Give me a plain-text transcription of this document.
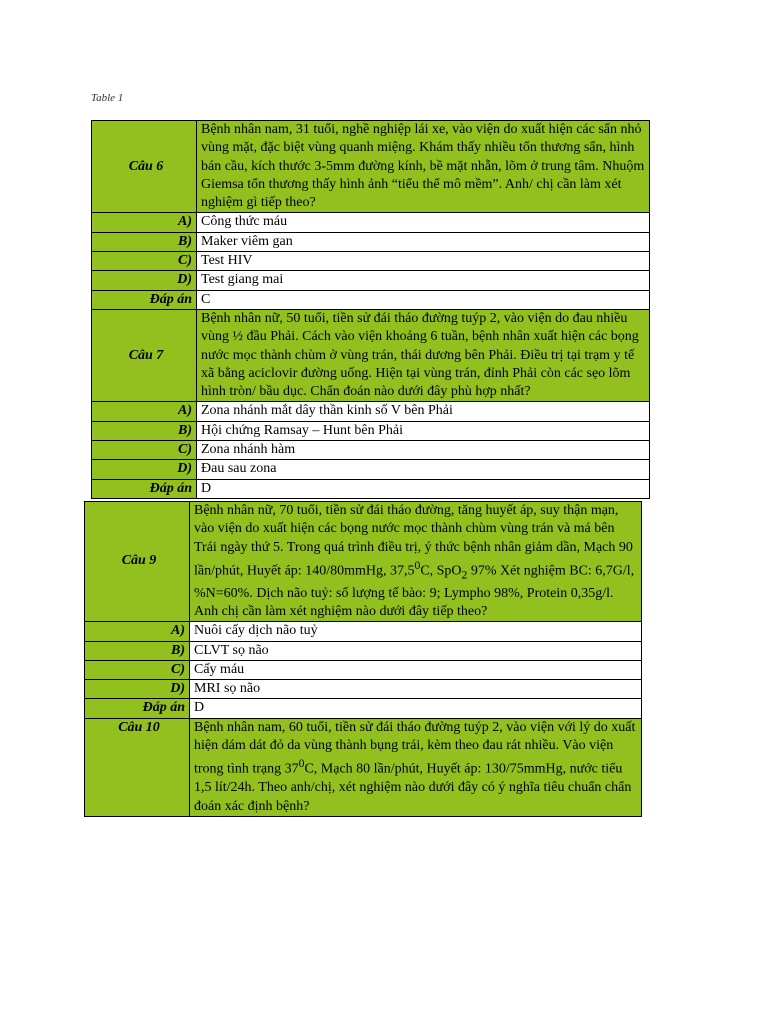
Table 1
Câu 6	Bệnh nhân nam, 31 tuổi, nghề nghiệp lái xe, vào viện do xuất hiện các sẩn nhỏ vùng mặt, đặc biệt vùng quanh miệng. Khám thấy nhiều tổn thương sẩn, hình bán cầu, kích thước 3-5mm đường kính, bề mặt nhẵn, lõm ở trung tâm. Nhuộm Giemsa tổn thương thấy hình ảnh “tiểu thể mô mềm”. Anh/ chị cần làm xét nghiệm gì tiếp theo?
A)	Công thức máu
B)	Maker viêm gan
C)	Test HIV
D)	Test giang mai
Đáp án	C
Câu 7	Bệnh nhân nữ, 50 tuổi, tiền sử đái tháo đường tuýp 2, vào viện do đau nhiều vùng ½ đầu Phải. Cách vào viện khoảng 6 tuần, bệnh nhân xuất hiện các bọng nước mọc thành chùm ở vùng trán, thái dương bên Phải. Điều trị tại trạm y tế xã bằng aciclovir đường uống. Hiện tại vùng trán, đỉnh Phải còn các sẹo lõm hình tròn/ bầu dục. Chẩn đoán nào dưới đây phù hợp nhất?
A)	Zona nhánh mắt dây thần kinh số V bên Phải
B)	Hội chứng Ramsay – Hunt bên Phải
C)	Zona nhánh hàm
D)	Đau sau zona
Đáp án	D
Câu 9	Bệnh nhân nữ, 70 tuổi, tiền sử đái tháo đường, tăng huyết áp, suy thận mạn, vào viện do xuất hiện các bọng nước mọc thành chùm vùng trán và má bên Trái ngày thứ 5. Trong quá trình điều trị, ý thức bệnh nhân giảm dần, Mạch 90 lần/phút, Huyết áp: 140/80mmHg, 37,5$^0$C, SpO$_2$ 97% Xét nghiệm BC: 6,7G/l, %N=60%. Dịch não tuỷ: số lượng tế bào: 9; Lympho 98%, Protein 0,35g/l. Anh chị cần làm xét nghiệm nào dưới đây tiếp theo?
A)	Nuôi cấy dịch não tuỷ
B)	CLVT sọ não
C)	Cấy máu
D)	MRI sọ não
Đáp án	D
Câu 10	Bệnh nhân nam, 60 tuổi, tiền sử đái tháo đường tuýp 2, vào viện với lý do xuất hiện dám dát đỏ da vùng thành bụng trái, kèm theo đau rát nhiều. Vào viện trong tình trạng $37^0C$, Mạch 80 lần/phút, Huyết áp: 130/75mmHg, nước tiểu 1,5 lít/24h. Theo anh/chị, xét nghiệm nào dưới đây có ý nghĩa tiêu chuẩn chẩn đoán xác định bệnh?
